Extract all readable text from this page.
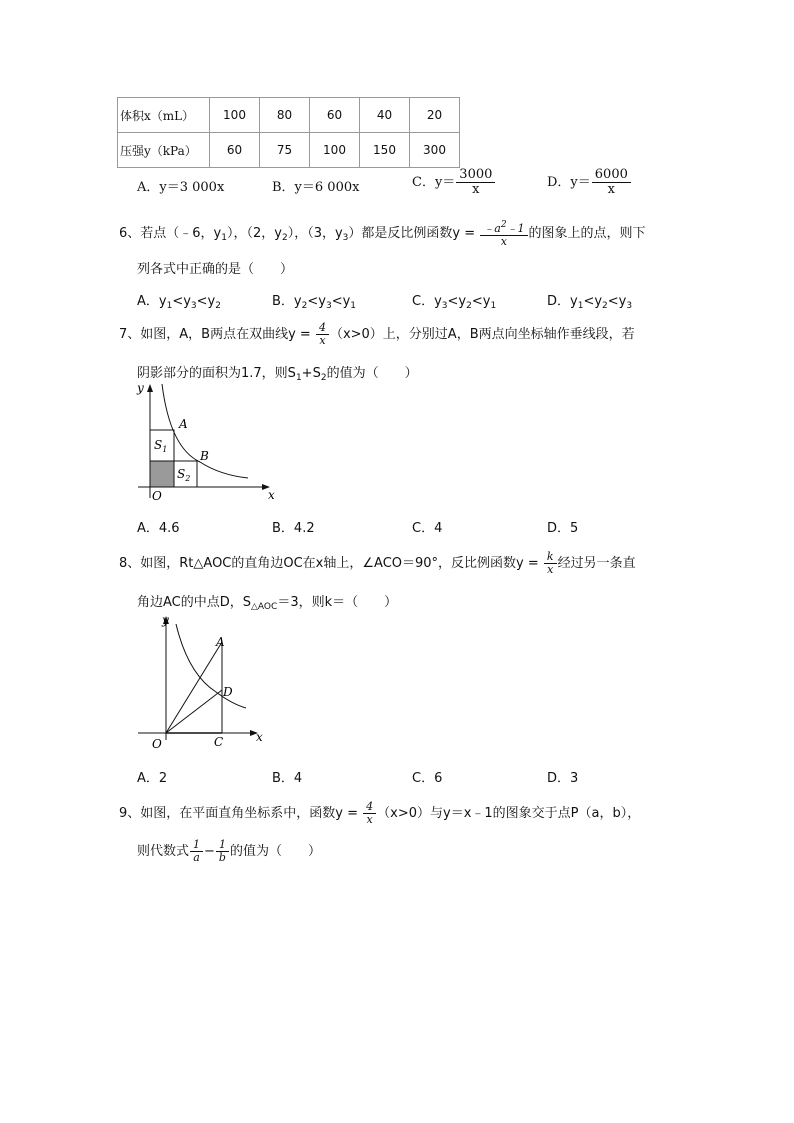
体积x（mL）	100	80	60	40	20
压强y（kPa）	60	75	100	150	300
A．y＝3 000x	B．y＝6 000x	C．$y= \frac{3000}{x}$	D．$y= \frac{6000}{x}$
6、若点（﹣6，$y_1$），（2，$y_2$），（3，$y_3$）都是反比例函数$y = \frac{﹣a^2﹣1}{x}$ 的图象上的点，则下
列各式中正确的是（　　）
A．$y_1<y_3<y_2$	B．$y_2<y_3<y_1$	C．$y_3<y_2<y_1$	D．$y_1<y_2<y_3$
7、如图，A，B两点在双曲线$y = \frac{4}{x} (x>0)$上，分别过A，B两点向坐标轴作垂线段，若
阴影部分的面积为1.7，则$S_1+S_2$的值为（　　）
y
x
O
A
B
$S_1$
$S_2$
A．4.6	B．4.2	C．4	D．5
8、如图，Rt△AOC的直角边OC在x轴上，∠ACO＝90°，反比例函数$y = \frac{k}{x}$ 经过另一条直
角边AC的中点D，$S_{\triangle AOC}=3$，则k＝（　　）
y
x
O
A
D
C
A．2	B．4	C．6	D．3
9、如图，在平面直角坐标系中，函数$y = \frac{4}{x} (x>0)$与y＝x﹣1的图象交于点P（a，b），
则代数式 $\frac{1}{a} - \frac{1}{b}$ 的值为（　　）
